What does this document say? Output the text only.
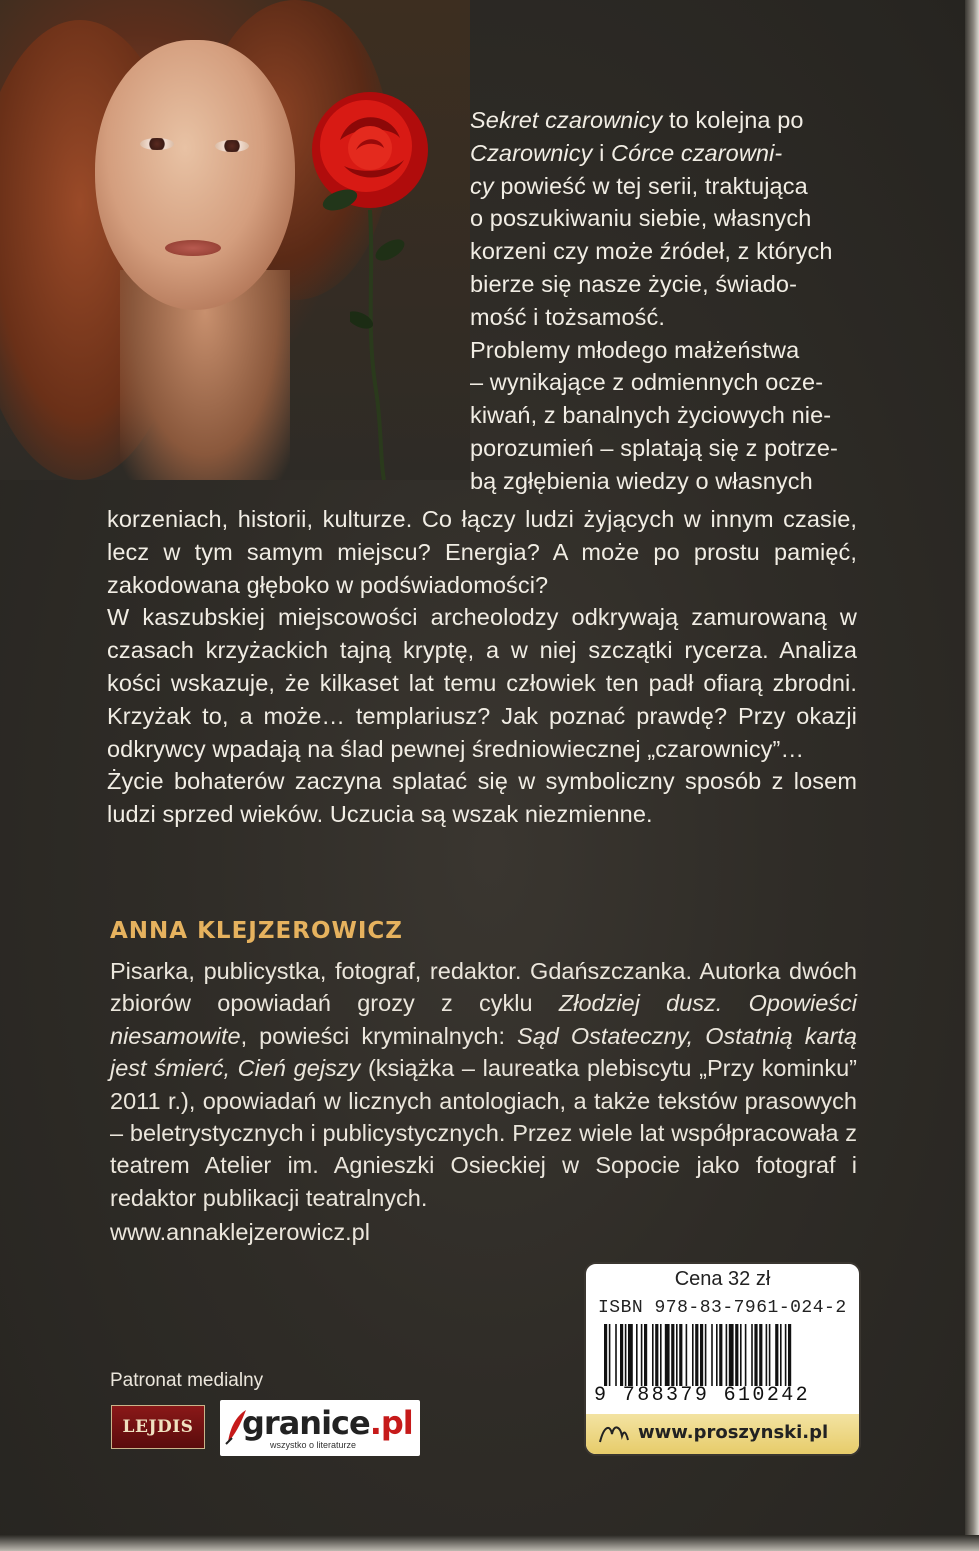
Sekret czarownicy to kolejna po

Czarownicy i Córce czarowni-

cy powieść w tej serii, traktująca

o poszukiwaniu siebie, własnych

korzeni czy może źródeł, z których

bierze się nasze życie, świado-

mość i tożsamość.

Problemy młodego małżeństwa

– wynikające z odmiennych ocze-

kiwań, z banalnych życiowych nie-

porozumień – splatają się z potrze-

bą zgłębienia wiedzy o własnych

korzeniach, historii, kulturze. Co łączy ludzi żyjących w innym czasie, lecz w tym samym miejscu? Energia? A może po prostu pamięć, zakodowana głęboko w podświadomości?

W kaszubskiej miejscowości archeolodzy odkrywają zamurowaną w czasach krzyżackich tajną kryptę, a w niej szczątki rycerza. Analiza kości wskazuje, że kilkaset lat temu człowiek ten padł ofiarą zbrodni. Krzyżak to, a może… templariusz? Jak poznać prawdę? Przy okazji odkrywcy wpadają na ślad pewnej średniowiecznej „czarownicy”…

Życie bohaterów zaczyna splatać się w symboliczny sposób z losem ludzi sprzed wieków. Uczucia są wszak niezmienne.

ANNA KLEJZEROWICZ

Pisarka, publicystka, fotograf, redaktor. Gdańszczanka. Autorka dwóch zbiorów opowiadań grozy z cyklu Złodziej dusz. Opowieści niesamowite, powieści kryminalnych: Sąd Ostateczny, Ostatnią kartą jest śmierć, Cień gejszy (książka – laureatka plebiscytu „Przy kominku” 2011 r.), opowiadań w licznych antologiach, a także tekstów prasowych – beletrystycznych i publicystycznych. Przez wiele lat współpracowała z teatrem Atelier im. Agnieszki Osieckiej w Sopocie jako fotograf i redaktor publikacji teatralnych.

www.annaklejzerowicz.pl
Cena 32 zł
ISBN 978-83-7961-024-2
9 788379 610242
www.proszynski.pl
Patronat medialny
LEJDIS granice.pl
wszystko o literaturze
